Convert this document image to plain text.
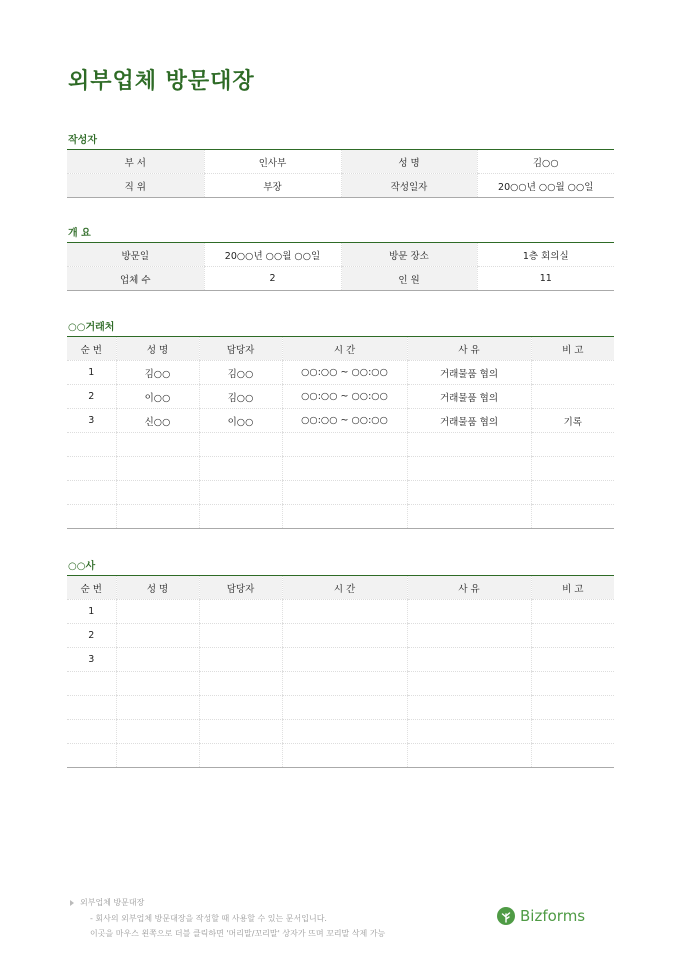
외부업체 방문대장
작성자
부 서	인사부	성 명	김○○
직 위	부장	작성일자	20○○년 ○○월 ○○일
개 요
방문일	20○○년 ○○월 ○○일	방문 장소	1층 회의실
업체 수	2	인 원	11
○○거래처
순 번	성 명	담당자	시 간	사 유	비 고
1	김○○	김○○	○○:○○ ~ ○○:○○	거래물품 협의	
2	이○○	김○○	○○:○○ ~ ○○:○○	거래물품 협의	
3	신○○	이○○	○○:○○ ~ ○○:○○	거래물품 협의	기록

○○사
순 번	성 명	담당자	시 간	사 유	비 고
1					
2					
3					

외부업체 방문대장
- 회사의 외부업체 방문대장을 작성할 때 사용할 수 있는 문서입니다.
이곳을 마우스 왼쪽으로 더블 클릭하면 '머리말/꼬리말' 상자가 뜨며 꼬리말 삭제 가능
Bizforms
